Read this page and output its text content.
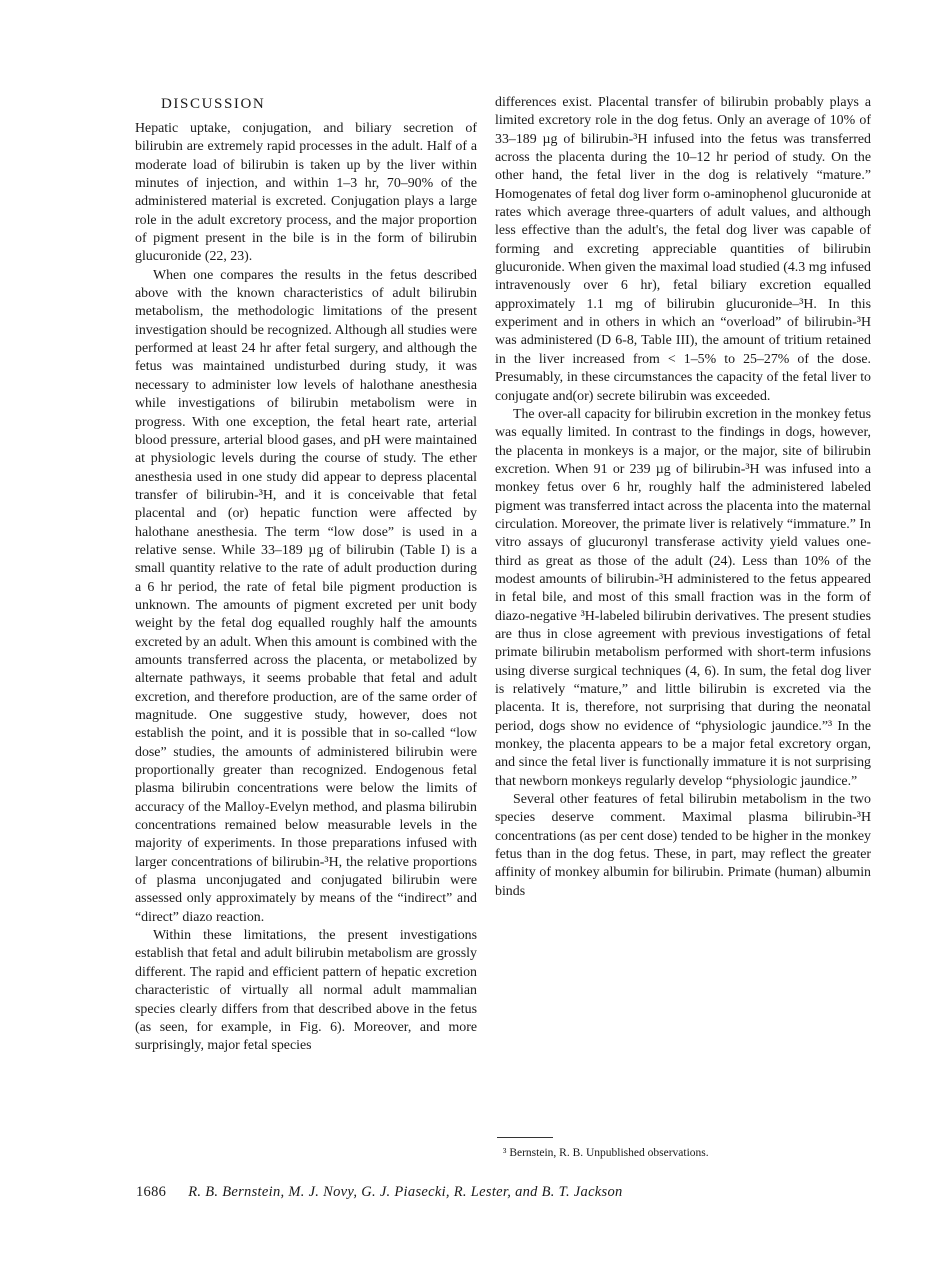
DISCUSSION

Hepatic uptake, conjugation, and biliary secretion of bilirubin are extremely rapid processes in the adult. Half of a moderate load of bilirubin is taken up by the liver within minutes of injection, and within 1–3 hr, 70–90% of the administered material is excreted. Conjugation plays a large role in the adult excretory process, and the major proportion of pigment present in the bile is in the form of bilirubin glucuronide (22, 23).

When one compares the results in the fetus described above with the known characteristics of adult bilirubin metabolism, the methodologic limitations of the present investigation should be recognized. Although all studies were performed at least 24 hr after fetal surgery, and although the fetus was maintained undisturbed during study, it was necessary to administer low levels of halothane anesthesia while investigations of bilirubin metabolism were in progress. With one exception, the fetal heart rate, arterial blood pressure, arterial blood gases, and pH were maintained at physiologic levels during the course of study. The ether anesthesia used in one study did appear to depress placental transfer of bilirubin-³H, and it is conceivable that fetal placental and (or) hepatic function were affected by halothane anesthesia. The term “low dose” is used in a relative sense. While 33–189 µg of bilirubin (Table I) is a small quantity relative to the rate of adult production during a 6 hr period, the rate of fetal bile pigment production is unknown. The amounts of pigment excreted per unit body weight by the fetal dog equalled roughly half the amounts excreted by an adult. When this amount is combined with the amounts transferred across the placenta, or metabolized by alternate pathways, it seems probable that fetal and adult excretion, and therefore production, are of the same order of magnitude. One suggestive study, however, does not establish the point, and it is possible that in so-called “low dose” studies, the amounts of administered bilirubin were proportionally greater than recognized. Endogenous fetal plasma bilirubin concentrations were below the limits of accuracy of the Malloy-Evelyn method, and plasma bilirubin concentrations remained below measurable levels in the majority of experiments. In those preparations infused with larger concentrations of bilirubin-³H, the relative proportions of plasma unconjugated and conjugated bilirubin were assessed only approximately by means of the “indirect” and “direct” diazo reaction.

Within these limitations, the present investigations establish that fetal and adult bilirubin metabolism are grossly different. The rapid and efficient pattern of hepatic excretion characteristic of virtually all normal adult mammalian species clearly differs from that described above in the fetus (as seen, for example, in Fig. 6). Moreover, and more surprisingly, major fetal species

differences exist. Placental transfer of bilirubin probably plays a limited excretory role in the dog fetus. Only an average of 10% of 33–189 µg of bilirubin-³H infused into the fetus was transferred across the placenta during the 10–12 hr period of study. On the other hand, the fetal liver in the dog is relatively “mature.” Homogenates of fetal dog liver form o-aminophenol glucuronide at rates which average three-quarters of adult values, and although less effective than the adult's, the fetal dog liver was capable of forming and excreting appreciable quantities of bilirubin glucuronide. When given the maximal load studied (4.3 mg infused intravenously over 6 hr), fetal biliary excretion equalled approximately 1.1 mg of bilirubin glucuronide–³H. In this experiment and in others in which an “overload” of bilirubin-³H was administered (D 6-8, Table III), the amount of tritium retained in the liver increased from < 1–5% to 25–27% of the dose. Presumably, in these circumstances the capacity of the fetal liver to conjugate and(or) secrete bilirubin was exceeded.

The over-all capacity for bilirubin excretion in the monkey fetus was equally limited. In contrast to the findings in dogs, however, the placenta in monkeys is a major, or the major, site of bilirubin excretion. When 91 or 239 µg of bilirubin-³H was infused into a monkey fetus over 6 hr, roughly half the administered labeled pigment was transferred intact across the placenta into the maternal circulation. Moreover, the primate liver is relatively “immature.” In vitro assays of glucuronyl transferase activity yield values one-third as great as those of the adult (24). Less than 10% of the modest amounts of bilirubin-³H administered to the fetus appeared in fetal bile, and most of this small fraction was in the form of diazo-negative ³H-labeled bilirubin derivatives. The present studies are thus in close agreement with previous investigations of fetal primate bilirubin metabolism performed with short-term infusions using diverse surgical techniques (4, 6). In sum, the fetal dog liver is relatively “mature,” and little bilirubin is excreted via the placenta. It is, therefore, not surprising that during the neonatal period, dogs show no evidence of “physiologic jaundice.”³ In the monkey, the placenta appears to be a major fetal excretory organ, and since the fetal liver is functionally immature it is not surprising that newborn monkeys regularly develop “physiologic jaundice.”

Several other features of fetal bilirubin metabolism in the two species deserve comment. Maximal plasma bilirubin-³H concentrations (as per cent dose) tended to be higher in the monkey fetus than in the dog fetus. These, in part, may reflect the greater affinity of monkey albumin for bilirubin. Primate (human) albumin binds

³ Bernstein, R. B. Unpublished observations.
1686 R. B. Bernstein, M. J. Novy, G. J. Piasecki, R. Lester, and B. T. Jackson
